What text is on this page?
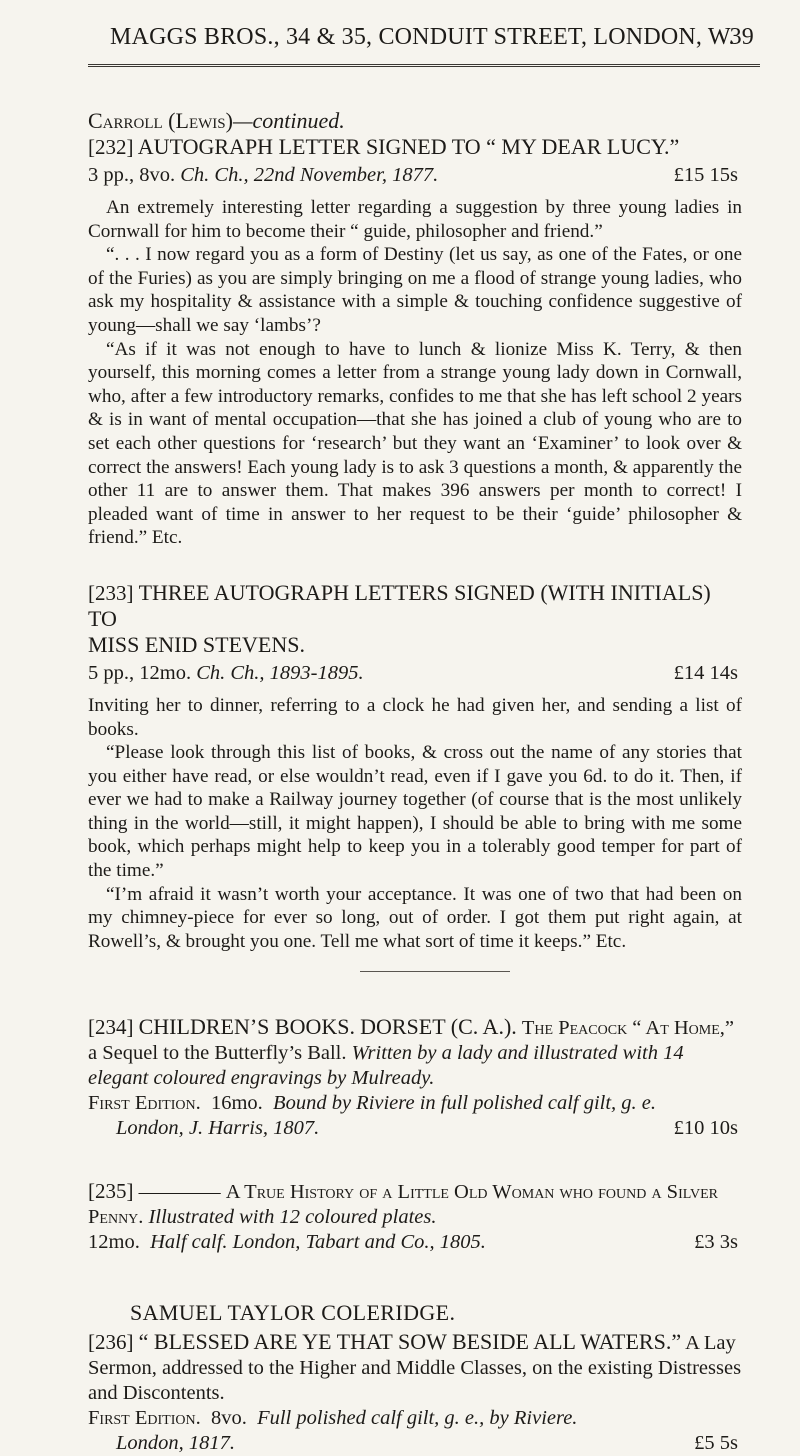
MAGGS BROS., 34 & 35, CONDUIT STREET, LONDON, W.
39

Carroll (Lewis)—continued.

[232] AUTOGRAPH LETTER SIGNED TO “ MY DEAR LUCY.”

3 pp., 8vo. Ch. Ch., 22nd November, 1877.	£15 15s

An extremely interesting letter regarding a suggestion by three young ladies in Cornwall for him to become their “ guide, philosopher and friend.”

“. . . I now regard you as a form of Destiny (let us say, as one of the Fates, or one of the Furies) as you are simply bringing on me a flood of strange young ladies, who ask my hospitality & assistance with a simple & touching confidence suggestive of young—shall we say ‘lambs’?

“As if it was not enough to have to lunch & lionize Miss K. Terry, & then yourself, this morning comes a letter from a strange young lady down in Cornwall, who, after a few introductory remarks, confides to me that she has left school 2 years & is in want of mental occupation—that she has joined a club of young who are to set each other questions for ‘research’ but they want an ‘Examiner’ to look over & correct the answers! Each young lady is to ask 3 questions a month, & apparently the other 11 are to answer them. That makes 396 answers per month to correct! I pleaded want of time in answer to her request to be their ‘guide’ philosopher & friend.” Etc.

[233] THREE AUTOGRAPH LETTERS SIGNED (WITH INITIALS) TO
MISS ENID STEVENS.

5 pp., 12mo. Ch. Ch., 1893-1895.	£14 14s

Inviting her to dinner, referring to a clock he had given her, and sending a list of books.

“Please look through this list of books, & cross out the name of any stories that you either have read, or else wouldn’t read, even if I gave you 6d. to do it. Then, if ever we had to make a Railway journey together (of course that is the most unlikely thing in the world—still, it might happen), I should be able to bring with me some book, which perhaps might help to keep you in a tolerably good temper for part of the time.”

“I’m afraid it wasn’t worth your acceptance. It was one of two that had been on my chimney-piece for ever so long, out of order. I got them put right again, at Rowell’s, & brought you one. Tell me what sort of time it keeps.” Etc.

[234] CHILDREN’S BOOKS. DORSET (C. A.). The Peacock “ At Home,” a Sequel to the Butterfly’s Ball. Written by a lady and illustrated with 14 elegant coloured engravings by Mulready.

First Edition. 16mo. Bound by Riviere in full polished calf gilt, g. e.

London, J. Harris, 1807.	£10 10s

[235] ———— A True History of a Little Old Woman who found a Silver Penny. Illustrated with 12 coloured plates.

12mo. Half calf. London, Tabart and Co., 1805.	£3 3s

SAMUEL TAYLOR COLERIDGE.

[236] “ BLESSED ARE YE THAT SOW BESIDE ALL WATERS.” A Lay Sermon, addressed to the Higher and Middle Classes, on the existing Distresses and Discontents.

First Edition. 8vo. Full polished calf gilt, g. e., by Riviere.

London, 1817.	£5 5s
